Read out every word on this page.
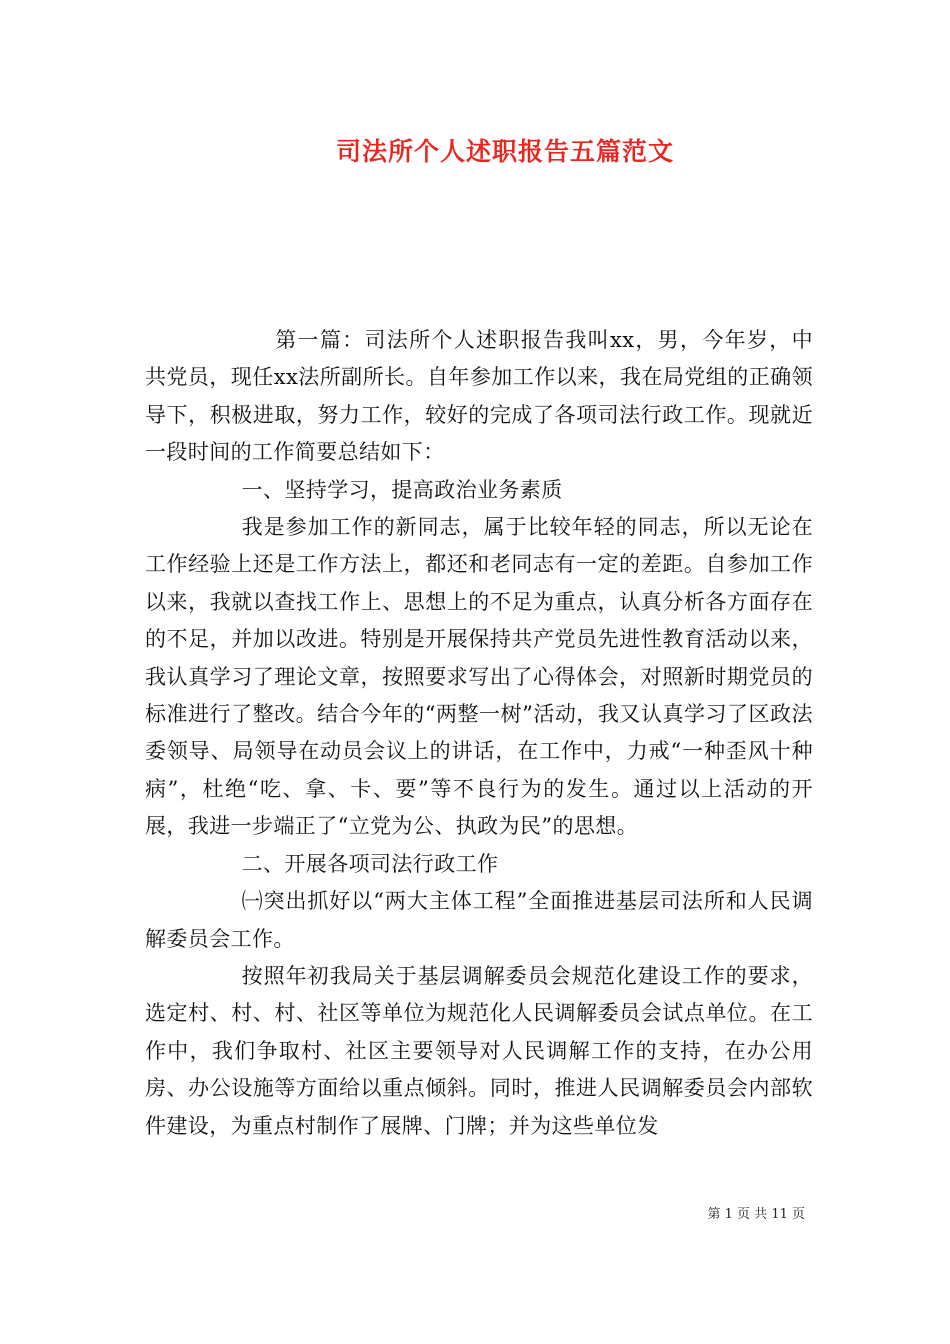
司法所个人述职报告五篇范文

第一篇：司法所个人述职报告我叫xx，男，今年岁，中共党员，现任xx法所副所长。自年参加工作以来，我在局党组的正确领导下，积极进取，努力工作，较好的完成了各项司法行政工作。现就近一段时间的工作简要总结如下：

一、坚持学习，提高政治业务素质

我是参加工作的新同志，属于比较年轻的同志，所以无论在工作经验上还是工作方法上，都还和老同志有一定的差距。自参加工作以来，我就以查找工作上、思想上的不足为重点，认真分析各方面存在的不足，并加以改进。特别是开展保持共产党员先进性教育活动以来，我认真学习了理论文章，按照要求写出了心得体会，对照新时期党员的标准进行了整改。结合今年的“两整一树”活动，我又认真学习了区政法委领导、局领导在动员会议上的讲话，在工作中，力戒“一种歪风十种病”，杜绝“吃、拿、卡、要”等不良行为的发生。通过以上活动的开展，我进一步端正了“立党为公、执政为民”的思想。

二、开展各项司法行政工作

㈠突出抓好以“两大主体工程”全面推进基层司法所和人民调解委员会工作。

按照年初我局关于基层调解委员会规范化建设工作的要求，选定村、村、村、社区等单位为规范化人民调解委员会试点单位。在工作中，我们争取村、社区主要领导对人民调解工作的支持，在办公用房、办公设施等方面给以重点倾斜。同时，推进人民调解委员会内部软件建设，为重点村制作了展牌、门牌；并为这些单位发

第 1 页 共 11 页
